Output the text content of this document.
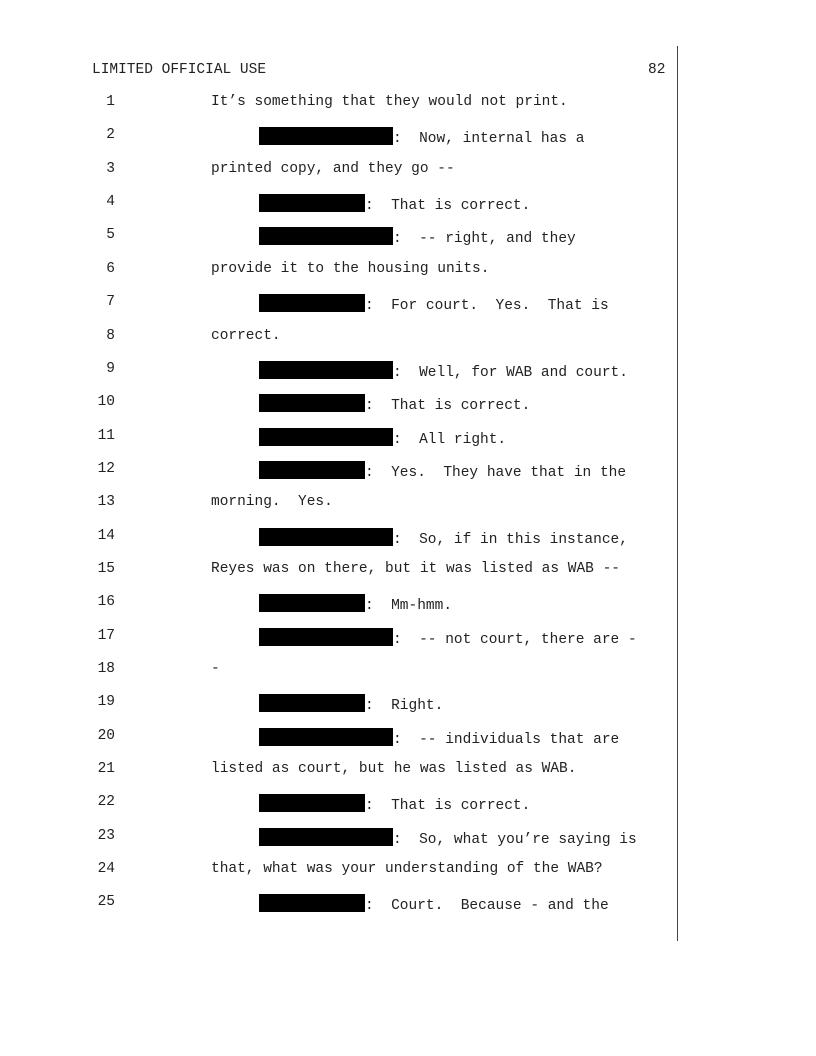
LIMITED OFFICIAL USE	82
1	It’s something that they would not print.
2	:  Now, internal has a
3	printed copy, and they go --
4	:  That is correct.
5	:  -- right, and they
6	provide it to the housing units.
7	:  For court.  Yes.  That is
8	correct.
9	:  Well, for WAB and court.
10	:  That is correct.
11	:  All right.
12	:  Yes.  They have that in the
13	morning.  Yes.
14	:  So, if in this instance,
15	Reyes was on there, but it was listed as WAB --
16	:  Mm-hmm.
17	:  -- not court, there are -
18	-
19	:  Right.
20	:  -- individuals that are
21	listed as court, but he was listed as WAB.
22	:  That is correct.
23	:  So, what you’re saying is
24	that, what was your understanding of the WAB?
25	:  Court.  Because - and the
